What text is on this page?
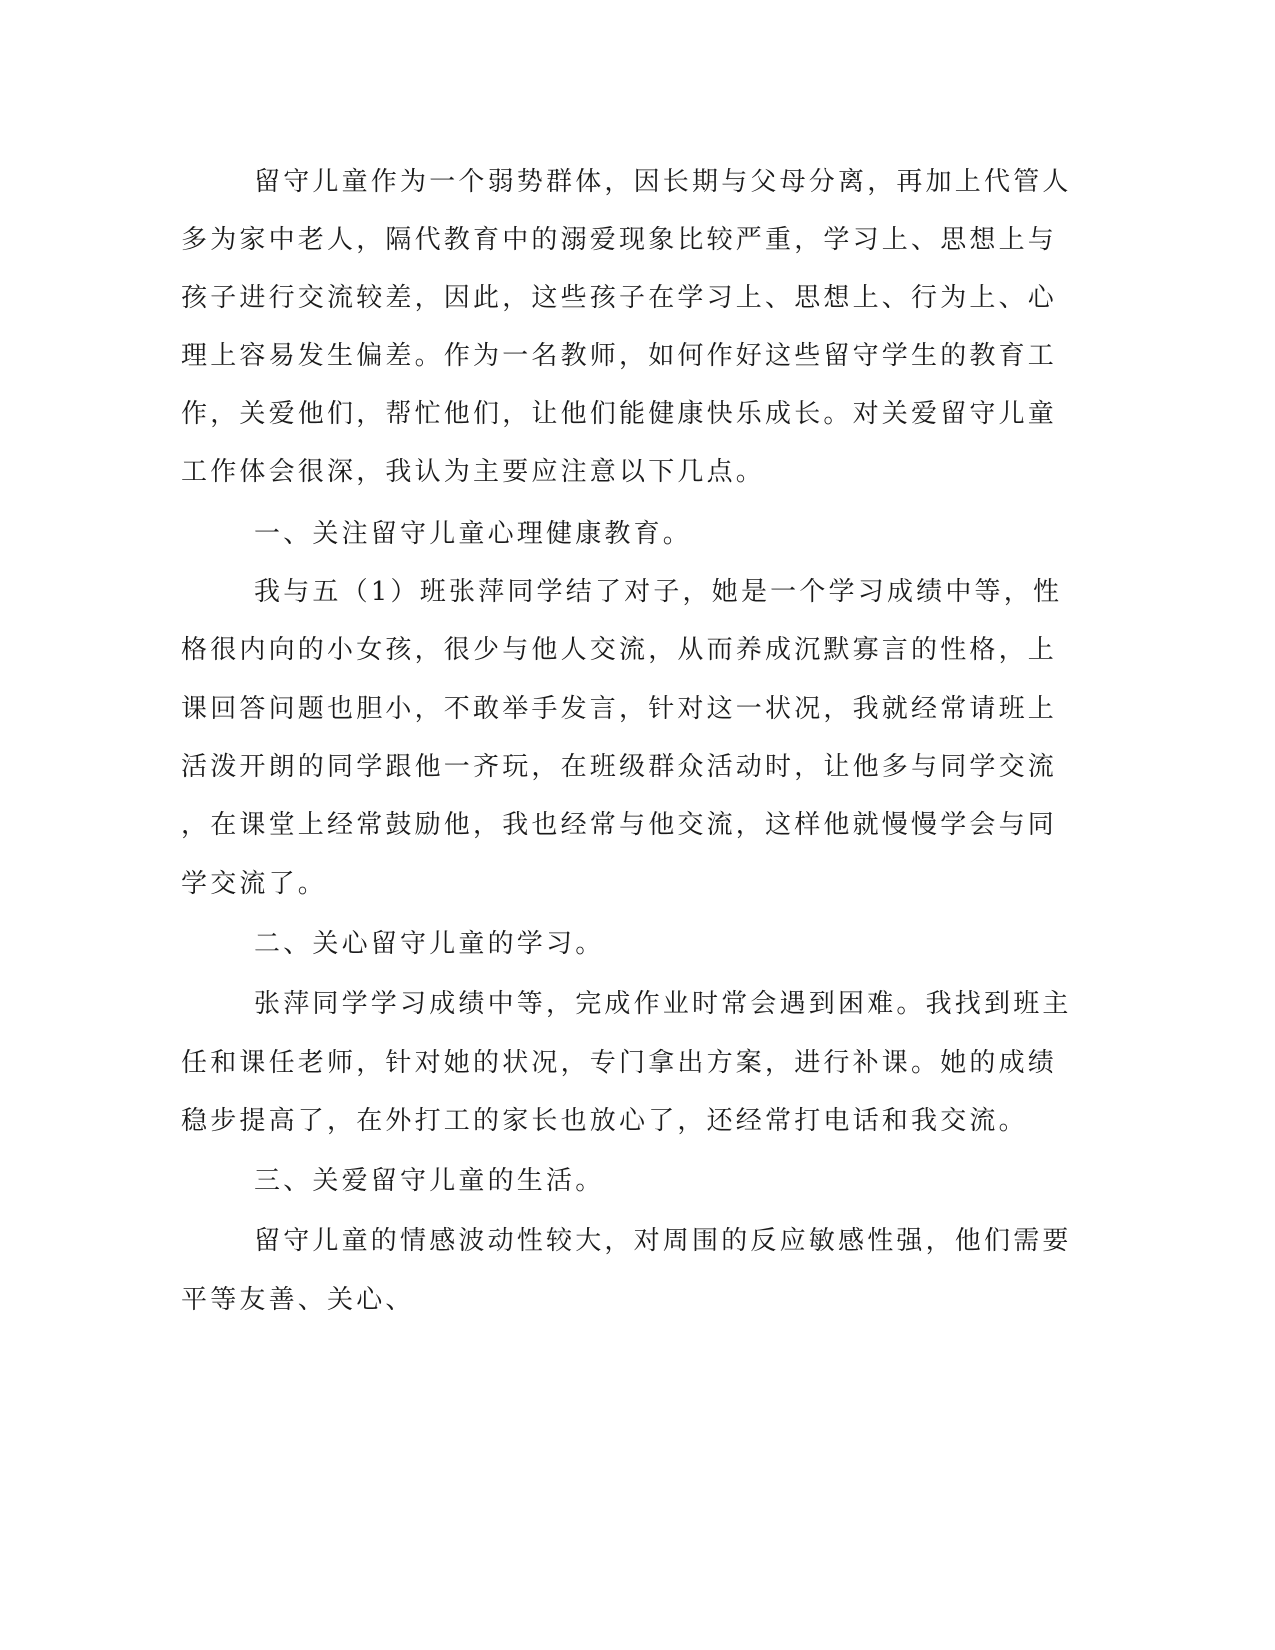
留守儿童作为一个弱势群体，因长期与父母分离，再加上代管人
多为家中老人，隔代教育中的溺爱现象比较严重，学习上、思想上与
孩子进行交流较差，因此，这些孩子在学习上、思想上、行为上、心
理上容易发生偏差。作为一名教师，如何作好这些留守学生的教育工
作，关爱他们，帮忙他们，让他们能健康快乐成长。对关爱留守儿童
工作体会很深，我认为主要应注意以下几点。
一、关注留守儿童心理健康教育。
我与五（1）班张萍同学结了对子，她是一个学习成绩中等，性
格很内向的小女孩，很少与他人交流，从而养成沉默寡言的性格，上
课回答问题也胆小，不敢举手发言，针对这一状况，我就经常请班上
活泼开朗的同学跟他一齐玩，在班级群众活动时，让他多与同学交流
，在课堂上经常鼓励他，我也经常与他交流，这样他就慢慢学会与同
学交流了。
二、关心留守儿童的学习。
张萍同学学习成绩中等，完成作业时常会遇到困难。我找到班主
任和课任老师，针对她的状况，专门拿出方案，进行补课。她的成绩
稳步提高了，在外打工的家长也放心了，还经常打电话和我交流。
三、关爱留守儿童的生活。
留守儿童的情感波动性较大，对周围的反应敏感性强，他们需要
平等友善、关心、
